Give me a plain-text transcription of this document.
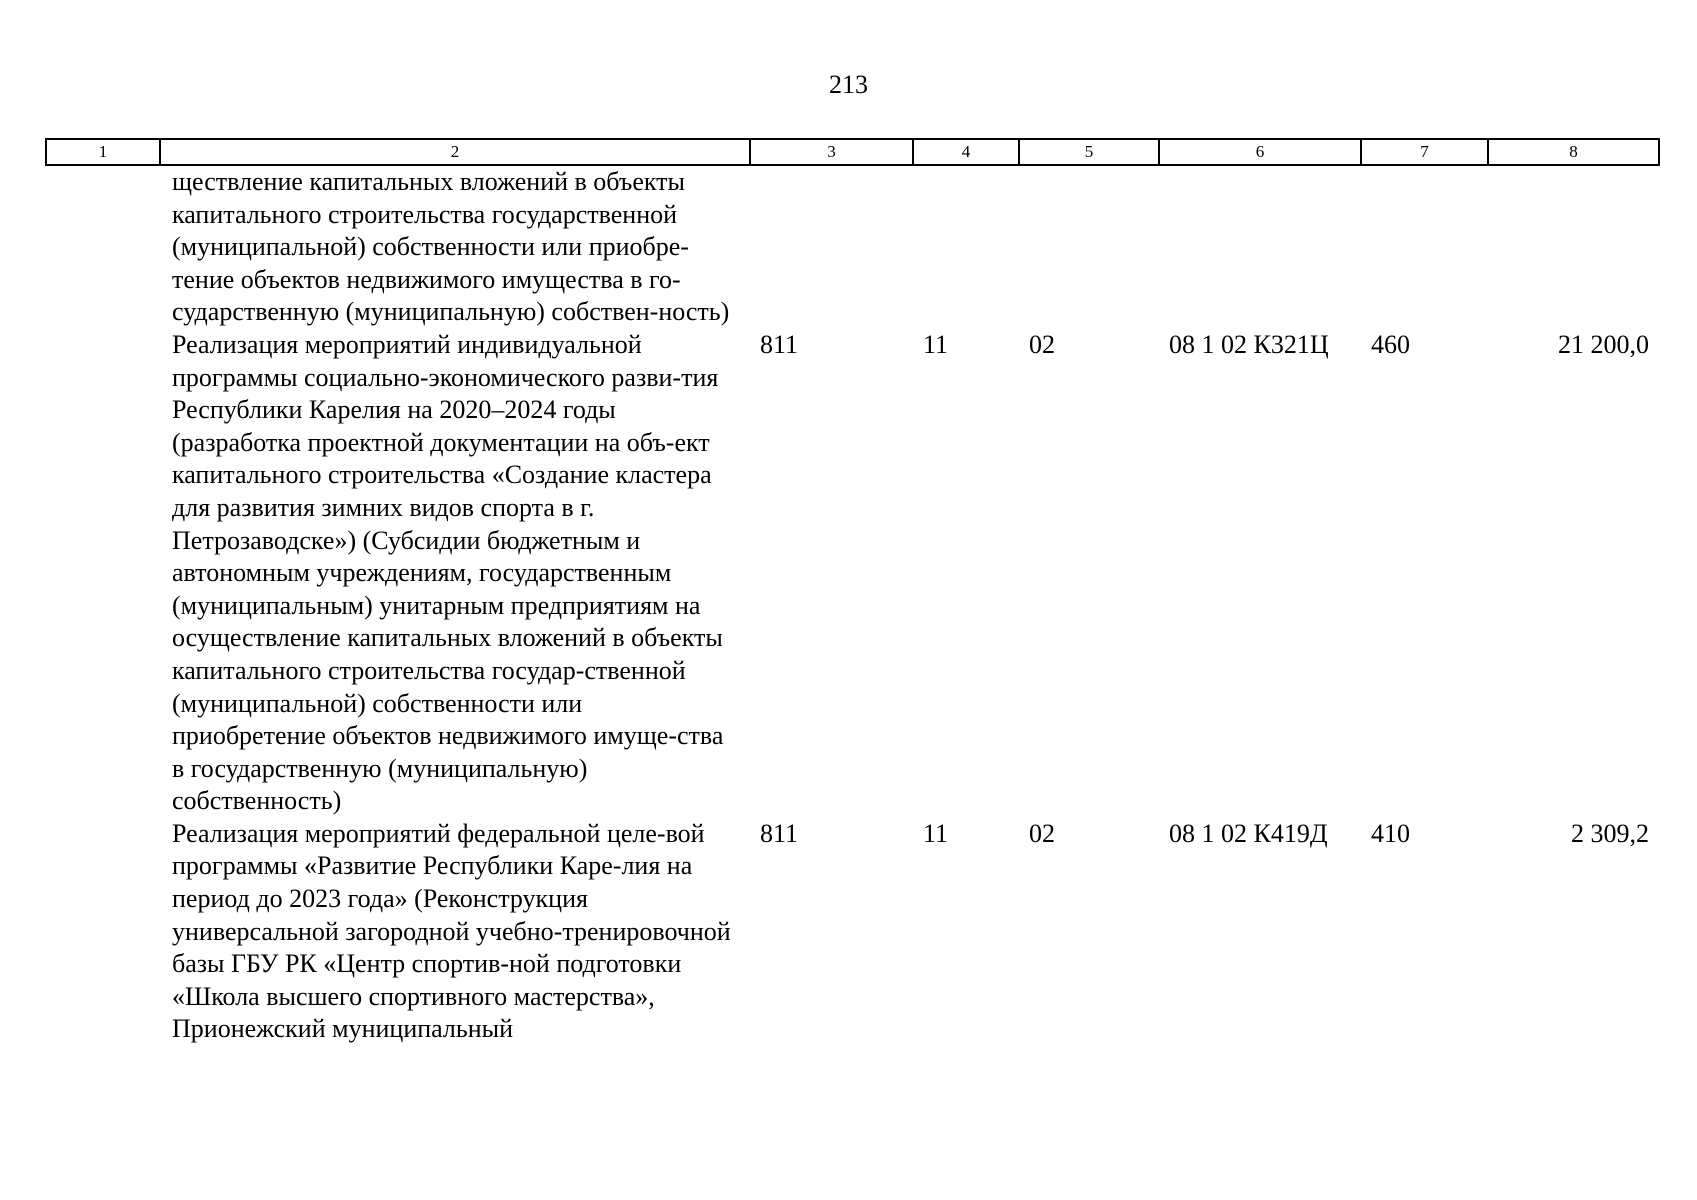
213
1	2	3	4	5	6	7	8
	ществление капитальных вложений в объекты капитального строительства государственной (муниципальной) собственности или приобре-тение объектов недвижимого имущества в го-сударственную (муниципальную) собствен-ность)						
	Реализация мероприятий индивидуальной программы социально-экономического разви-тия Республики Карелия на 2020–2024 годы (разработка проектной документации на объ-ект капитального строительства «Создание кластера для развития зимних видов спорта в г. Петрозаводске») (Субсидии бюджетным и автономным учреждениям, государственным (муниципальным) унитарным предприятиям на осуществление капитальных вложений в объекты капитального строительства государ-ственной (муниципальной) собственности или приобретение объектов недвижимого имуще-ства в государственную (муниципальную) собственность)	811	11	02	08 1 02 К321Ц	460	21 200,0
	Реализация мероприятий федеральной целе-вой программы «Развитие Республики Каре-лия на период до 2023 года» (Реконструкция универсальной загородной учебно-тренировочной базы ГБУ РК «Центр спортив-ной подготовки «Школа высшего спортивного мастерства», Прионежский муниципальный	811	11	02	08 1 02 К419Д	410	2 309,2
